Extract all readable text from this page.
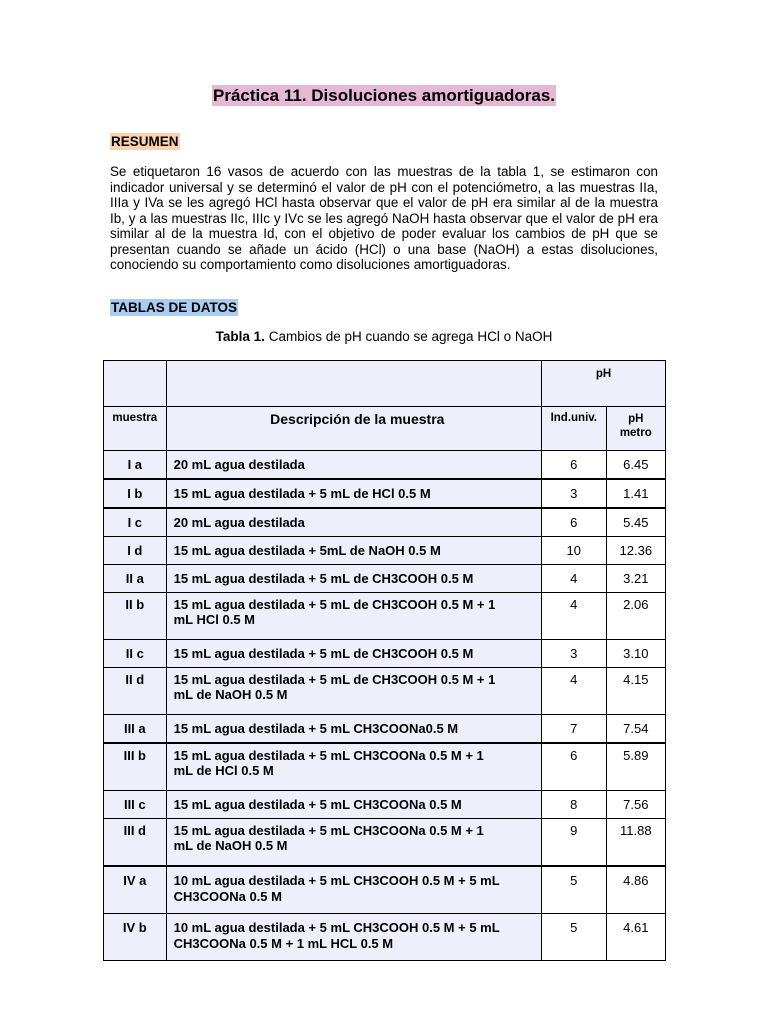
Práctica 11. Disoluciones amortiguadoras.
RESUMEN
Se etiquetaron 16 vasos de acuerdo con las muestras de la tabla 1, se estimaron con indicador universal y se determinó el valor de pH con el potenciómetro, a las muestras IIa, IIIa y IVa se les agregó HCl hasta observar que el valor de pH era similar al de la muestra Ib, y a las muestras IIc, IIIc y IVc se les agregó NaOH hasta observar que el valor de pH era similar al de la muestra Id, con el objetivo de poder evaluar los cambios de pH que se presentan cuando se añade un ácido (HCl) o una base (NaOH) a estas disoluciones, conociendo su comportamiento como disoluciones amortiguadoras.
TABLAS DE DATOS
Tabla 1. Cambios de pH cuando se agrega HCl o NaOH
		pH	
muestra	Descripción de la muestra	Ind.univ.	pH
metro
I a	20 mL agua destilada	6	6.45
I b	15 mL agua destilada + 5 mL de HCl 0.5 M	3	1.41
I c	20 mL agua destilada	6	5.45
I d	15 mL agua destilada + 5mL de NaOH 0.5 M	10	12.36
II a	15 mL agua destilada + 5 mL de CH3COOH 0.5 M	4	3.21
II b	15 mL agua destilada + 5 mL de CH3COOH 0.5 M + 1
mL HCl 0.5 M	4	2.06
II c	15 mL agua destilada + 5 mL de CH3COOH 0.5 M	3	3.10
II d	15 mL agua destilada + 5 mL de CH3COOH 0.5 M + 1
mL de NaOH 0.5 M	4	4.15
III a	15 mL agua destilada + 5 mL CH3COONa0.5 M	7	7.54
III b	15 mL agua destilada + 5 mL CH3COONa 0.5 M + 1
mL de HCl 0.5 M	6	5.89
III c	15 mL agua destilada + 5 mL CH3COONa 0.5 M	8	7.56
III d	15 mL agua destilada + 5 mL CH3COONa 0.5 M + 1
mL de NaOH 0.5 M	9	11.88
IV a	10 mL agua destilada + 5 mL CH3COOH 0.5 M + 5 mL
CH3COONa 0.5 M	5	4.86
IV b	10 mL agua destilada + 5 mL CH3COOH 0.5 M + 5 mL
CH3COONa 0.5 M + 1 mL HCL 0.5 M	5	4.61
